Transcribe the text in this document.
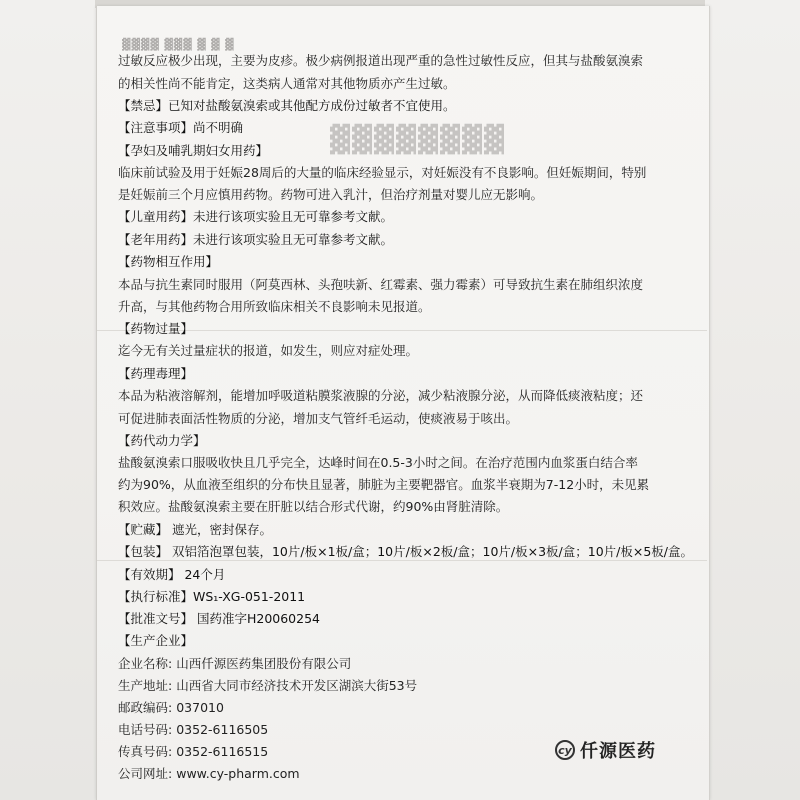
▓▓▓▓ ▓▓▓ ▓ ▓ ▓
▓▓▓▓▓▓▓▓
过敏反应极少出现，主要为皮疹。极少病例报道出现严重的急性过敏性反应，但其与盐酸氨溴索
的相关性尚不能肯定，这类病人通常对其他物质亦产生过敏。
【禁忌】已知对盐酸氨溴索或其他配方成份过敏者不宜使用。
【注意事项】尚不明确
【孕妇及哺乳期妇女用药】
临床前试验及用于妊娠28周后的大量的临床经验显示，对妊娠没有不良影响。但妊娠期间，特别
是妊娠前三个月应慎用药物。药物可进入乳汁，但治疗剂量对婴儿应无影响。
【儿童用药】未进行该项实验且无可靠参考文献。
【老年用药】未进行该项实验且无可靠参考文献。
【药物相互作用】
本品与抗生素同时服用（阿莫西林、头孢呋新、红霉素、强力霉素）可导致抗生素在肺组织浓度
升高，与其他药物合用所致临床相关不良影响未见报道。
【药物过量】
迄今无有关过量症状的报道，如发生，则应对症处理。
【药理毒理】
本品为粘液溶解剂，能增加呼吸道粘膜浆液腺的分泌，减少粘液腺分泌，从而降低痰液粘度；还
可促进肺表面活性物质的分泌，增加支气管纤毛运动，使痰液易于咳出。
【药代动力学】
盐酸氨溴索口服吸收快且几乎完全，达峰时间在0.5-3小时之间。在治疗范围内血浆蛋白结合率
约为90%，从血液至组织的分布快且显著，肺脏为主要靶器官。血浆半衰期为7-12小时，未见累
积效应。盐酸氨溴索主要在肝脏以结合形式代谢，约90%由肾脏清除。
【贮藏】 遮光，密封保存。
【包装】 双铝箔泡罩包装，10片/板×1板/盒；10片/板×2板/盒；10片/板×3板/盒；10片/板×5板/盒。
【有效期】 24个月
【执行标准】WS₁-XG-051-2011
【批准文号】 国药准字H20060254
【生产企业】
企业名称: 山西仟源医药集团股份有限公司
生产地址: 山西省大同市经济技术开发区湖滨大街53号
邮政编码: 037010
电话号码: 0352-6116505
传真号码: 0352-6116515
公司网址: www.cy-pharm.com
cy 仟源医药
